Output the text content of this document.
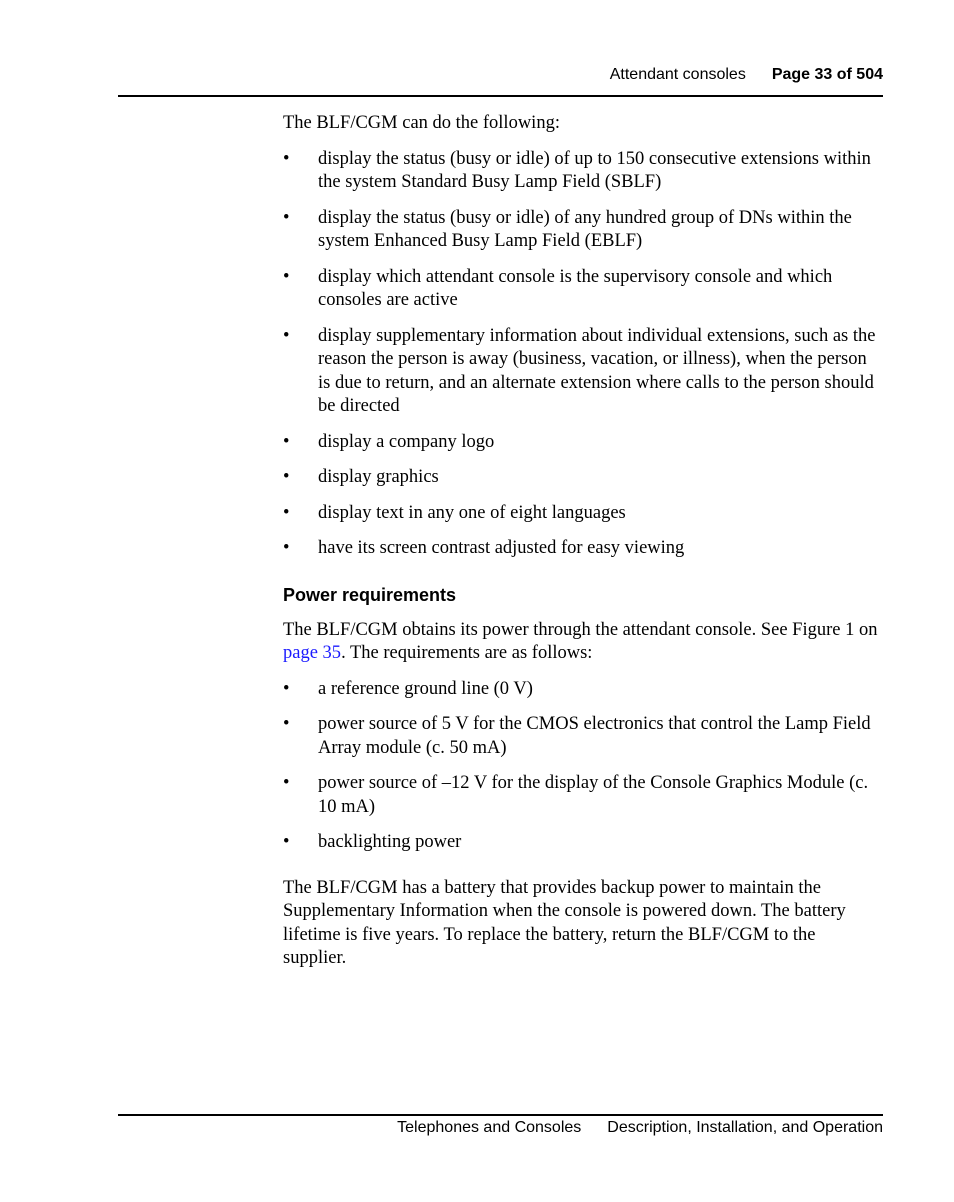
Attendant consoles Page 33 of 504

The BLF/CGM can do the following:

• display the status (busy or idle) of up to 150 consecutive extensions within the system Standard Busy Lamp Field (SBLF)
• display the status (busy or idle) of any hundred group of DNs within the system Enhanced Busy Lamp Field (EBLF)
• display which attendant console is the supervisory console and which consoles are active
• display supplementary information about individual extensions, such as the reason the person is away (business, vacation, or illness), when the person is due to return, and an alternate extension where calls to the person should be directed
• display a company logo
• display graphics
• display text in any one of eight languages
• have its screen contrast adjusted for easy viewing
Power requirements

The BLF/CGM obtains its power through the attendant console. See Figure 1 on page 35. The requirements are as follows:

• a reference ground line (0 V)
• power source of 5 V for the CMOS electronics that control the Lamp Field Array module (c. 50 mA)
• power source of –12 V for the display of the Console Graphics Module (c. 10 mA)
• backlighting power

The BLF/CGM has a battery that provides backup power to maintain the Supplementary Information when the console is powered down. The battery lifetime is five years. To replace the battery, return the BLF/CGM to the supplier.

Telephones and Consoles Description, Installation, and Operation
